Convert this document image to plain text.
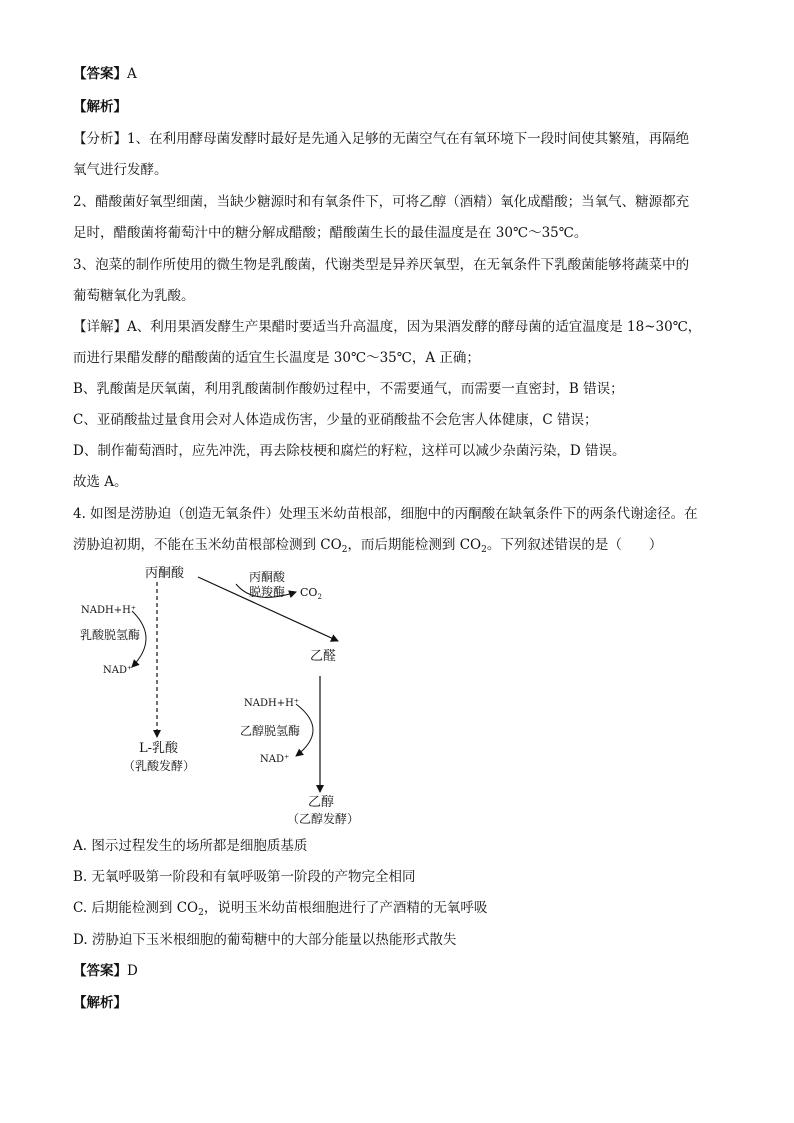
【答案】A
【解析】
【分析】1、在利用酵母菌发酵时最好是先通入足够的无菌空气在有氧环境下一段时间使其繁殖，再隔绝
氧气进行发酵。
2、醋酸菌好氧型细菌，当缺少糖源时和有氧条件下，可将乙醇（酒精）氧化成醋酸；当氧气、糖源都充
足时，醋酸菌将葡萄汁中的糖分解成醋酸；醋酸菌生长的最佳温度是在 30℃～35℃。
3、泡菜的制作所使用的微生物是乳酸菌，代谢类型是异养厌氧型，在无氧条件下乳酸菌能够将蔬菜中的
葡萄糖氧化为乳酸。
【详解】A、利用果酒发酵生产果醋时要适当升高温度，因为果酒发酵的酵母菌的适宜温度是 18~30℃，
而进行果醋发酵的醋酸菌的适宜生长温度是 30℃～35℃，A 正确；
B、乳酸菌是厌氧菌，利用乳酸菌制作酸奶过程中，不需要通气，而需要一直密封，B 错误；
C、亚硝酸盐过量食用会对人体造成伤害，少量的亚硝酸盐不会危害人体健康，C 错误；
D、制作葡萄酒时，应先冲洗，再去除枝梗和腐烂的籽粒，这样可以减少杂菌污染，D 错误。
故选 A。
4. 如图是涝胁迫（创造无氧条件）处理玉米幼苗根部，细胞中的丙酮酸在缺氧条件下的两条代谢途径。在
涝胁迫初期，不能在玉米幼苗根部检测到 $CO_2$，而后期能检测到 $CO_2$。下列叙述错误的是（　　）
丙酮酸	丙酮酸
脱羧酶 $CO_2$
NADH+H⁺
乳酸脱氢酶
NAD⁺
乙醛
NADH+H⁺
乙醇脱氢酶
NAD⁺
L-乳酸
（乳酸发酵）
乙醇
（乙醇发酵）
A. 图示过程发生的场所都是细胞质基质
B. 无氧呼吸第一阶段和有氧呼吸第一阶段的产物完全相同
C. 后期能检测到 $CO_2$，说明玉米幼苗根细胞进行了产酒精的无氧呼吸
D. 涝胁迫下玉米根细胞的葡萄糖中的大部分能量以热能形式散失
【答案】D
【解析】
